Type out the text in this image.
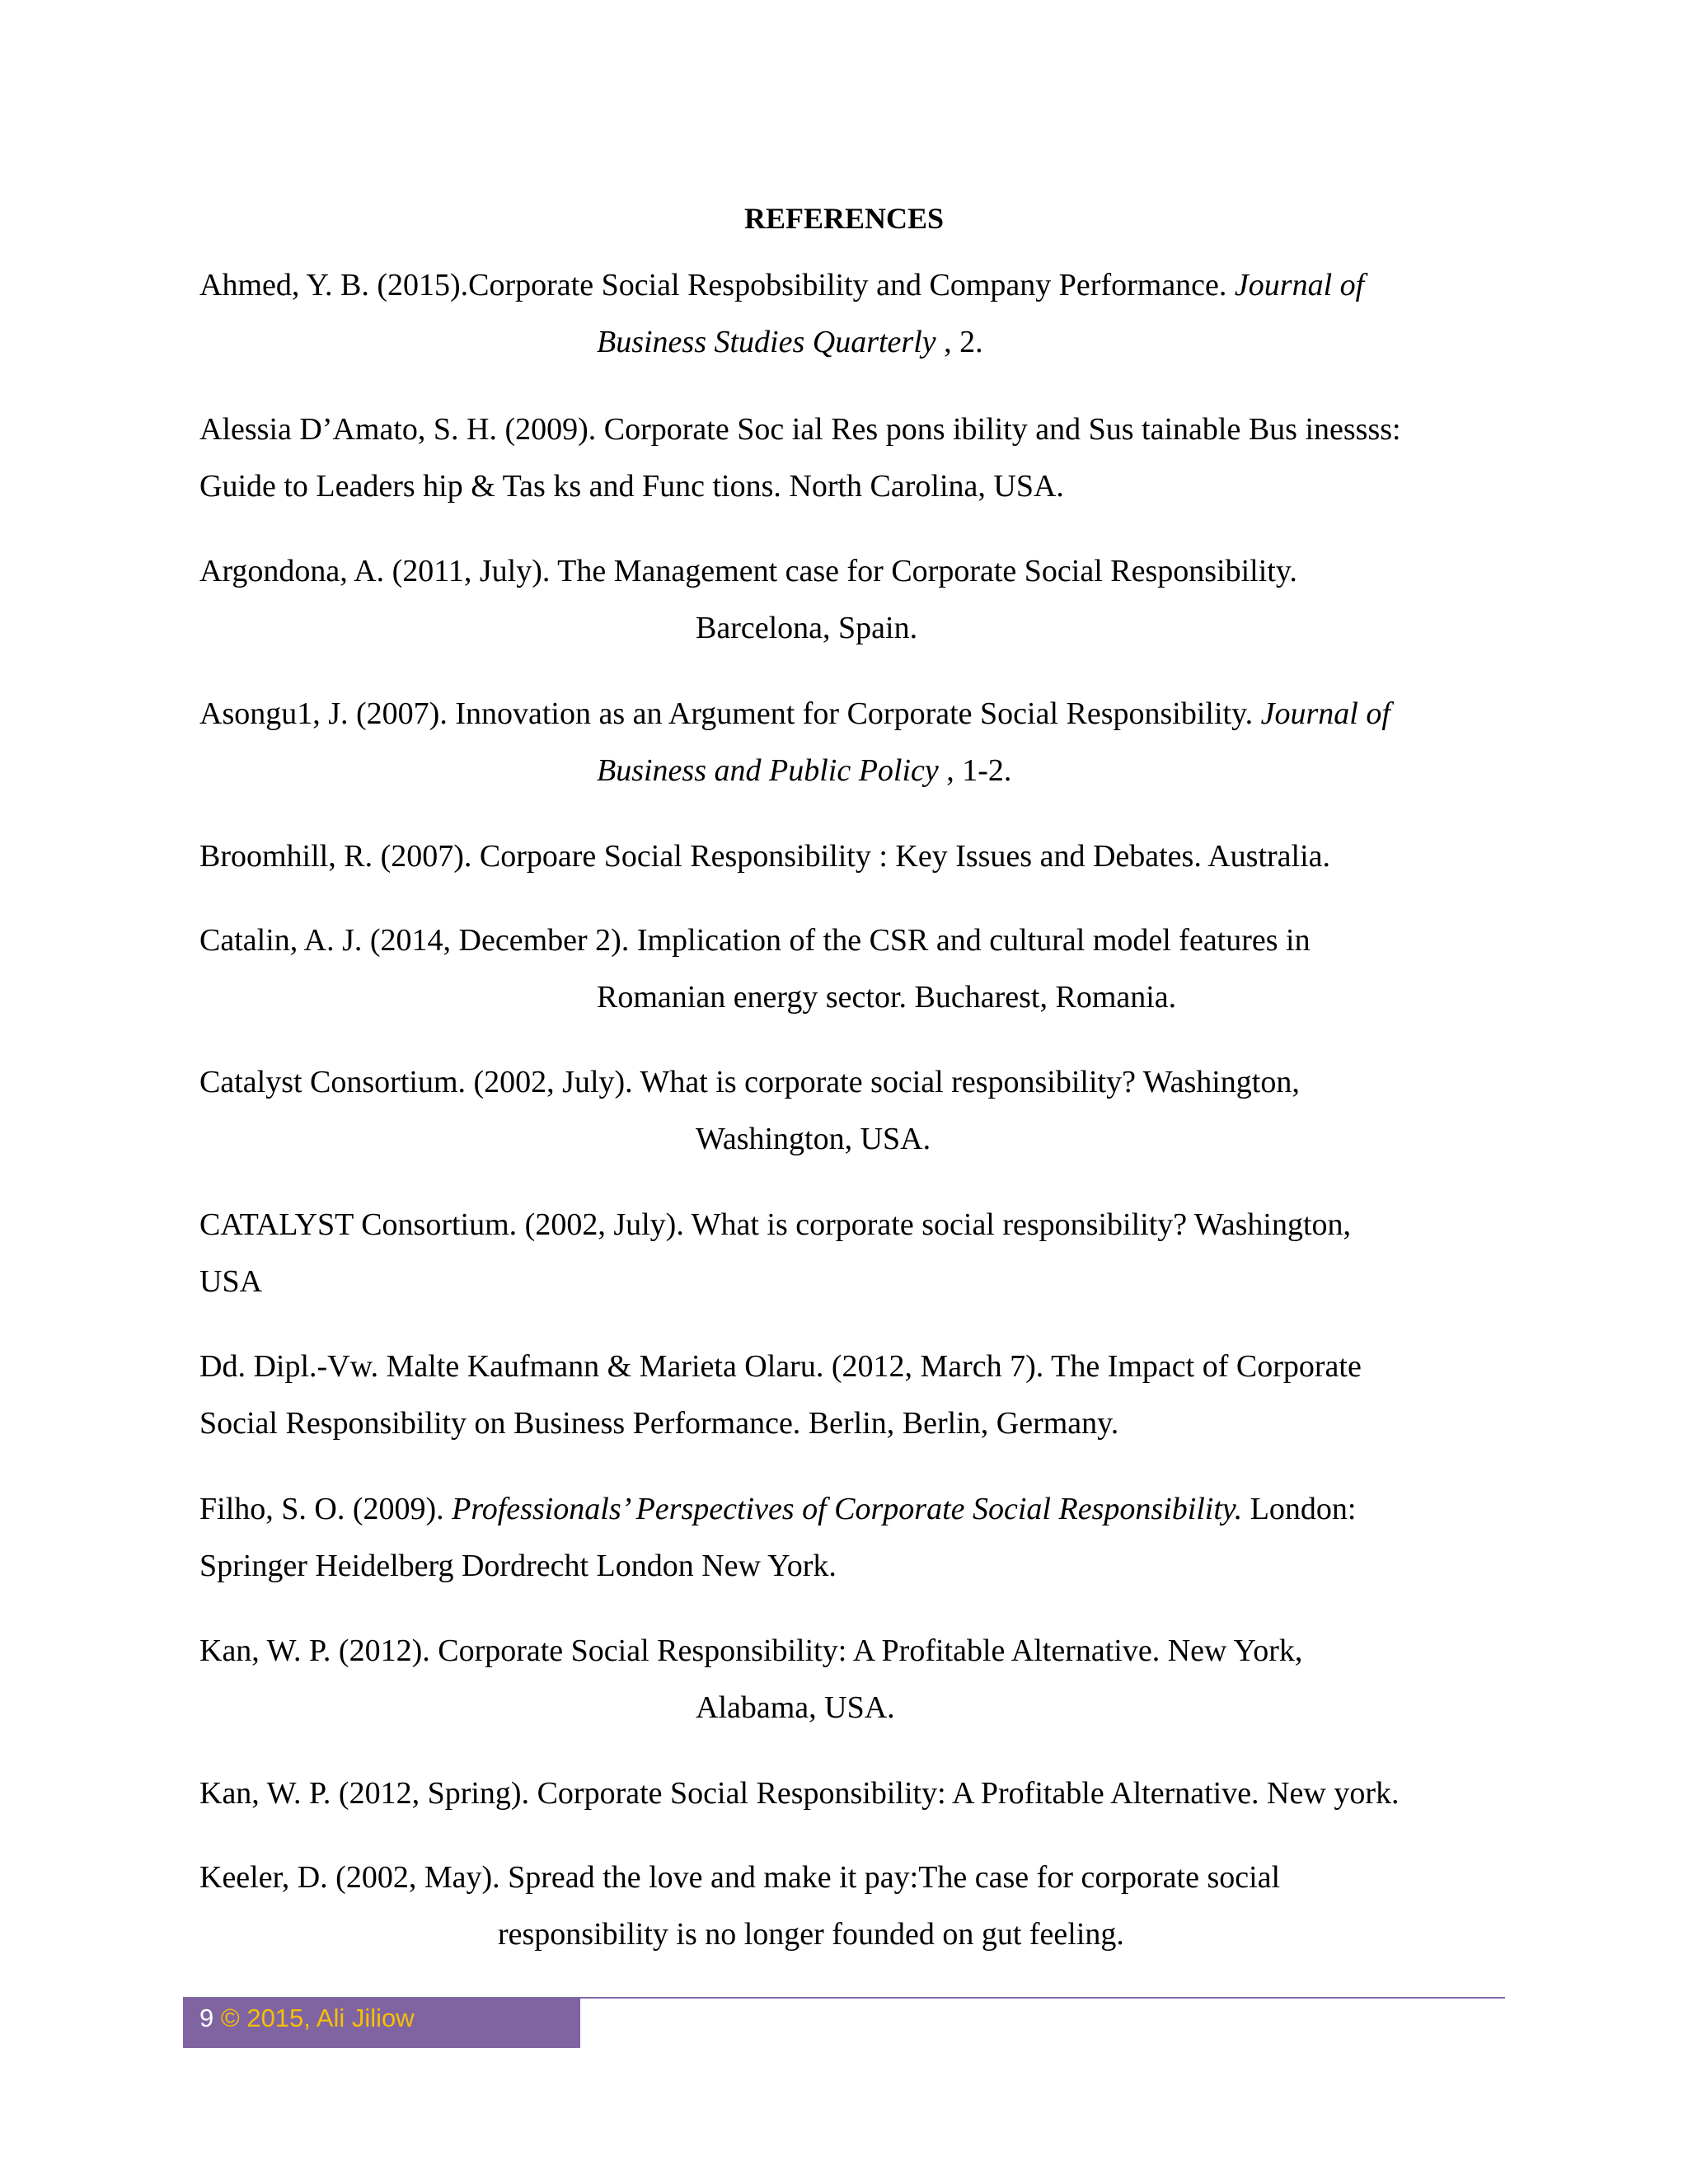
REFERENCES
Ahmed, Y. B. (2015).Corporate Social Respobsibility and Company Performance. Journal of
Business Studies Quarterly , 2.
Alessia D’Amato, S. H. (2009). Corporate Soc ial Res pons ibility and Sus tainable Bus inessss:
Guide to Leaders hip & Tas ks and Func tions. North Carolina, USA.
Argondona, A. (2011, July). The Management case for Corporate Social Responsibility.
Barcelona, Spain.
Asongu1, J. (2007). Innovation as an Argument for Corporate Social Responsibility. Journal of
Business and Public Policy , 1-2.
Broomhill, R. (2007). Corpoare Social Responsibility : Key Issues and Debates. Australia.
Catalin, A. J. (2014, December 2). Implication of the CSR and cultural model features in
Romanian energy sector. Bucharest, Romania.
Catalyst Consortium. (2002, July). What is corporate social responsibility? Washington,
Washington, USA.
CATALYST Consortium. (2002, July). What is corporate social responsibility? Washington,
USA
Dd. Dipl.-Vw. Malte Kaufmann & Marieta Olaru. (2012, March 7). The Impact of Corporate
Social Responsibility on Business Performance. Berlin, Berlin, Germany.
Filho, S. O. (2009). Professionals’ Perspectives of Corporate Social Responsibility. London:
Springer Heidelberg Dordrecht London New York.
Kan, W. P. (2012). Corporate Social Responsibility: A Profitable Alternative. New York,
Alabama, USA.
Kan, W. P. (2012, Spring). Corporate Social Responsibility: A Profitable Alternative. New york.
Keeler, D. (2002, May). Spread the love and make it pay:The case for corporate social
responsibility is no longer founded on gut feeling.
9 © 2015, Ali Jiliow
